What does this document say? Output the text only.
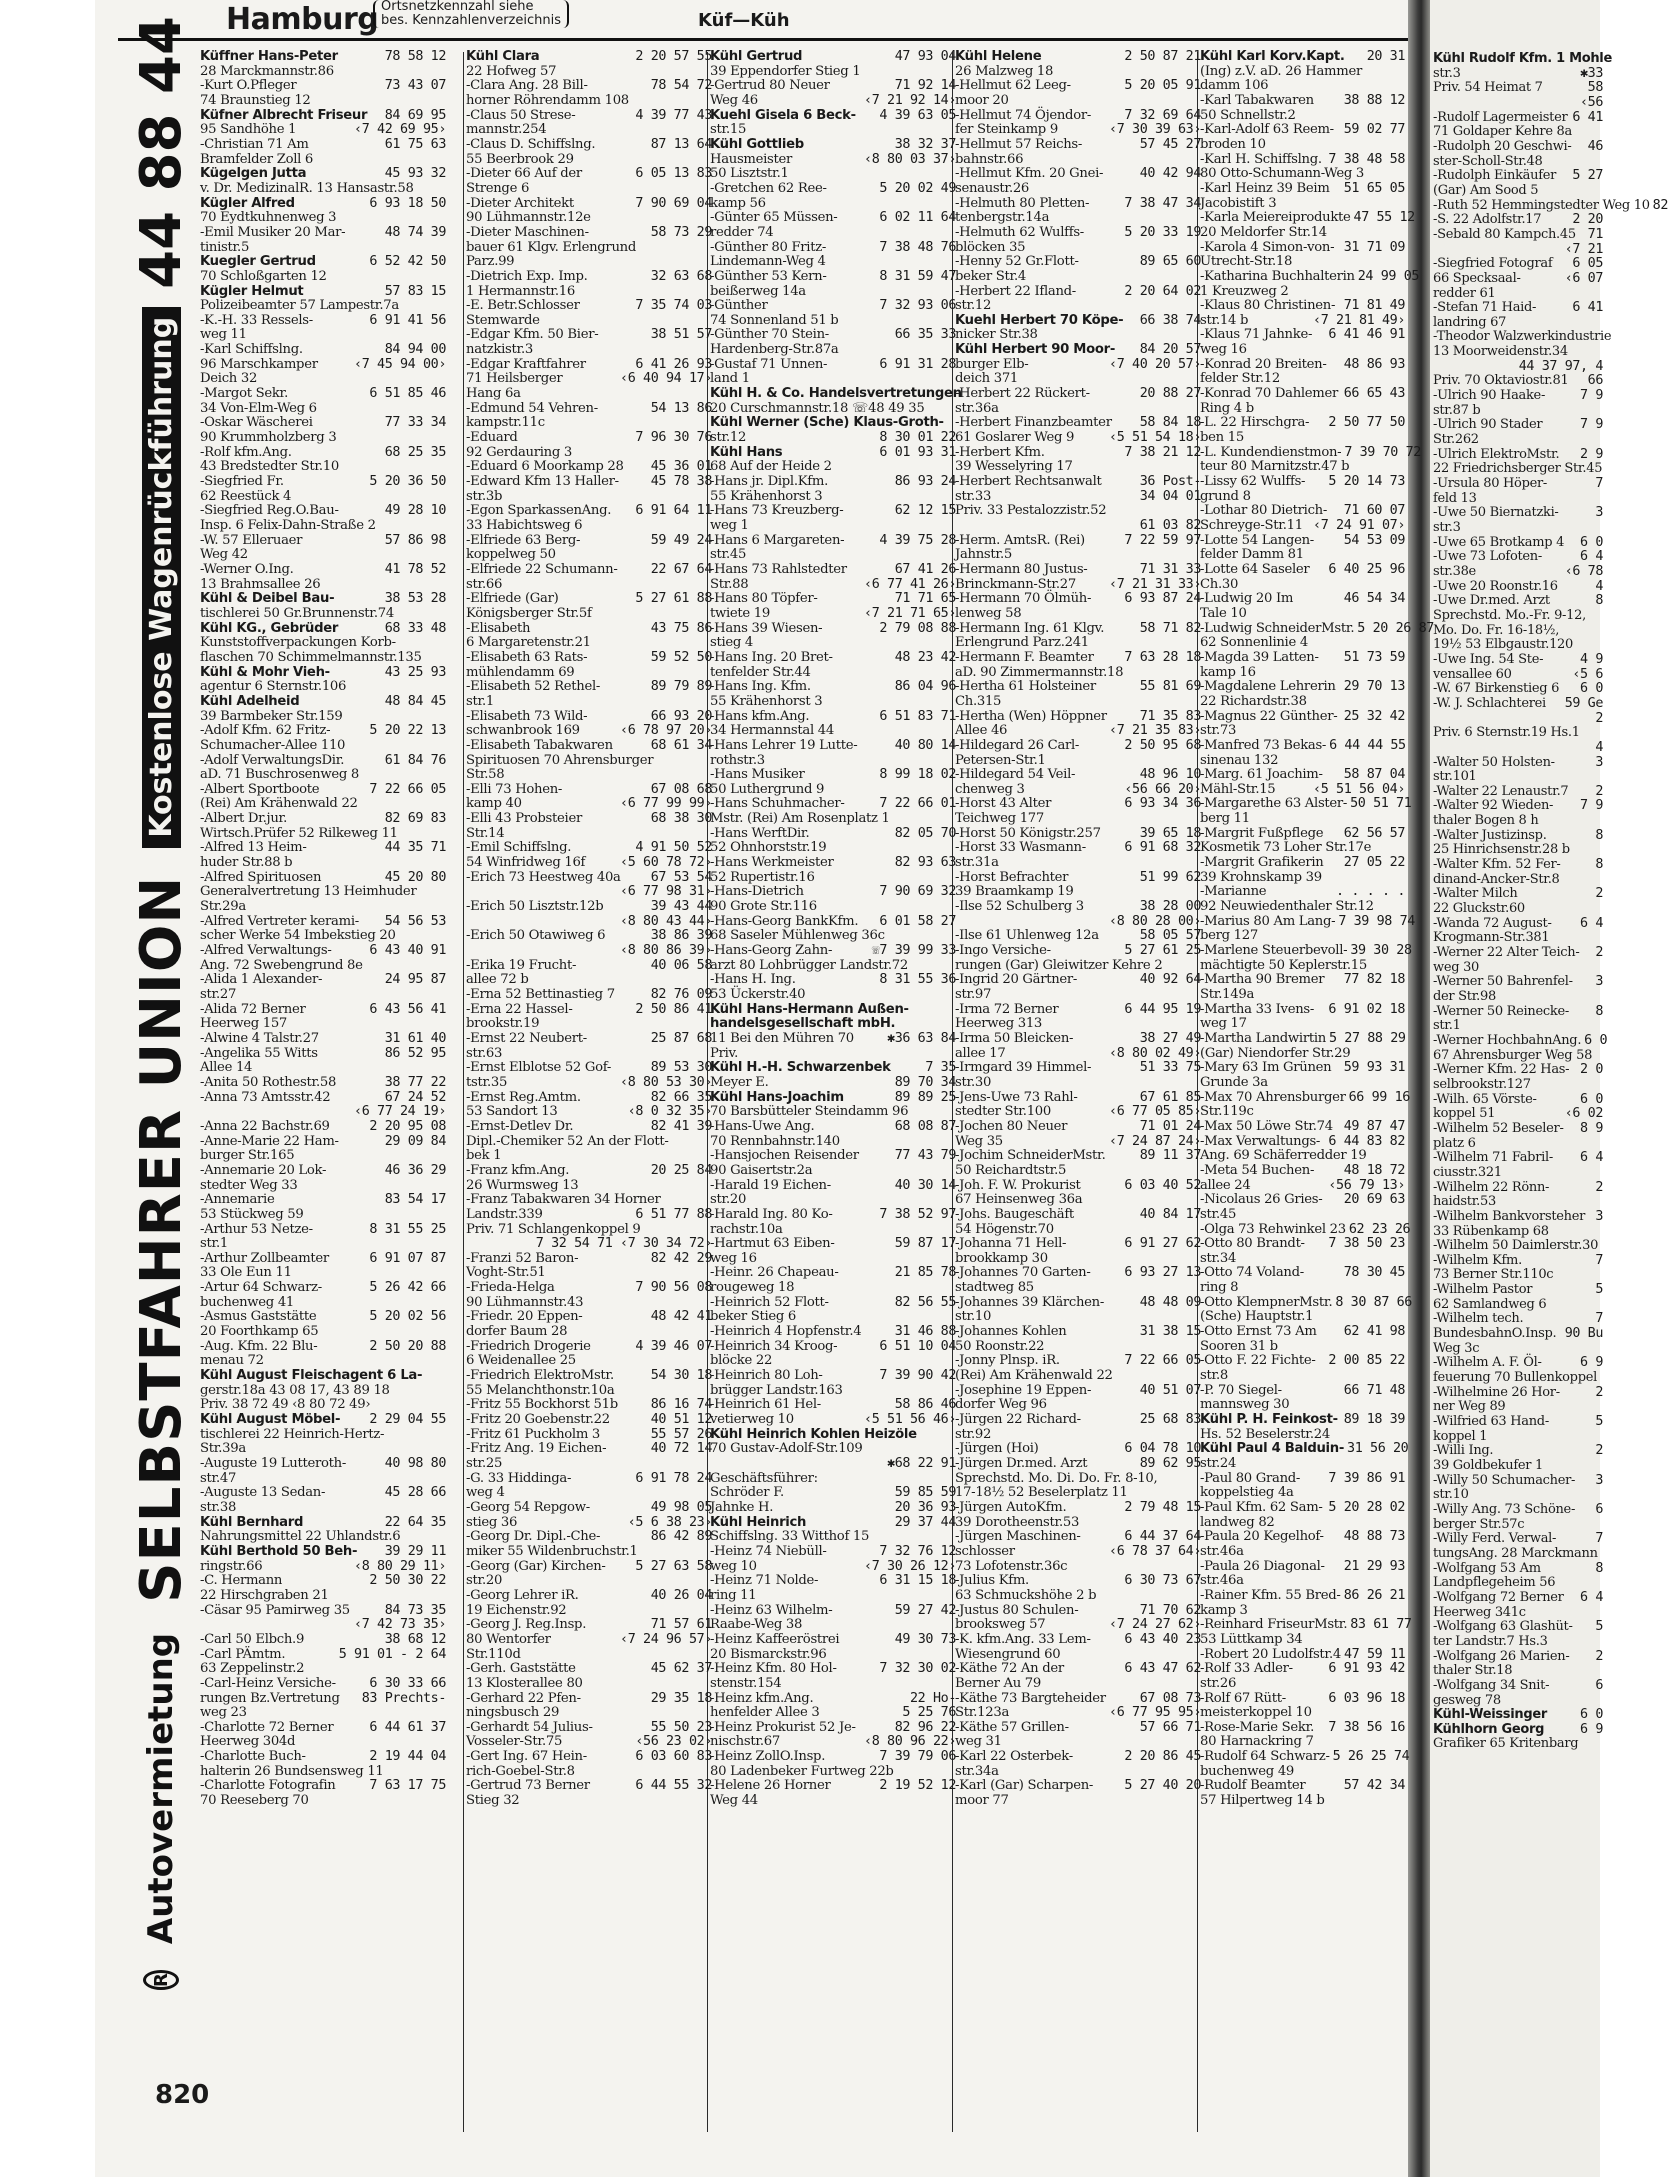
Hamburg Ortsnetzkennzahl siehe
bes. Kennzahlenverzeichnis	Küf—Küh
R
Autovermietung
SELBSTFAHRER UNION
Kostenlose Wagenrückführung
44 88 44 Küffner Hans-Peter	78 58 12
28 Marckmannstr.86
-Kurt O.Pfleger	73 43 07
74 Braunstieg 12
Küfner Albrecht Friseur	84 69 95
95 Sandhöhe 1	‹7 42 69 95›
-Christian 71 Am	61 75 63
Bramfelder Zoll 6
Kügelgen Jutta	45 93 32
v. Dr. MedizinalR. 13 Hansastr.58
Kügler Alfred	6 93 18 50
70 Eydtkuhnenweg 3
-Emil Musiker 20 Mar-	48 74 39
tinistr.5
Kuegler Gertrud	6 52 42 50
70 Schloßgarten 12
Kügler Helmut	57 83 15
Polizeibeamter 57 Lampestr.7a
-K.-H. 33 Ressels-	6 91 41 56
weg 11
-Karl Schiffslng.	84 94 00
96 Marschkamper	‹7 45 94 00›
Deich 32
-Margot Sekr.	6 51 85 46
34 Von-Elm-Weg 6
-Oskar Wäscherei	77 33 34
90 Krummholzberg 3
-Rolf kfm.Ang.	68 25 35
43 Bredstedter Str.10
-Siegfried Fr.	5 20 36 50
62 Reestück 4
-Siegfried Reg.O.Bau-	49 28 10
Insp. 6 Felix-Dahn-Straße 2
-W. 57 Elleruaer	57 86 98
Weg 42
-Werner O.Ing.	41 78 52
13 Brahmsallee 26
Kühl & Deibel Bau-	38 53 28
tischlerei 50 Gr.Brunnenstr.74
Kühl KG., Gebrüder	68 33 48
Kunststoffverpackungen Korb-
flaschen 70 Schimmelmannstr.135
Kühl & Mohr Vieh-	43 25 93
agentur 6 Sternstr.106
Kühl Adelheid	48 84 45
39 Barmbeker Str.159
-Adolf Kfm. 62 Fritz-	5 20 22 13
Schumacher-Allee 110
-Adolf VerwaltungsDir.	61 84 76
aD. 71 Buschrosenweg 8
-Albert Sportboote	7 22 66 05
(Rei) Am Krähenwald 22
-Albert Dr.jur.	82 69 83
Wirtsch.Prüfer 52 Rilkeweg 11
-Alfred 13 Heim-	44 35 71
huder Str.88 b
-Alfred Spirituosen	45 20 80
Generalvertretung 13 Heimhuder
Str.29a
-Alfred Vertreter kerami-	54 56 53
scher Werke 54 Imbekstieg 20
-Alfred Verwaltungs-	6 43 40 91
Ang. 72 Swebengrund 8e
-Alida 1 Alexander-	24 95 87
str.27
-Alida 72 Berner	6 43 56 41
Heerweg 157
-Alwine 4 Talstr.27	31 61 40
-Angelika 55 Witts	86 52 95
Allee 14
-Anita 50 Rothestr.58	38 77 22
-Anna 73 Amtsstr.42	67 24 52
‹6 77 24 19›
-Anna 22 Bachstr.69	2 20 95 08
-Anne-Marie 22 Ham-	29 09 84
burger Str.165
-Annemarie 20 Lok-	46 36 29
stedter Weg 33
-Annemarie	83 54 17
53 Stückweg 59
-Arthur 53 Netze-	8 31 55 25
str.1
-Arthur Zollbeamter	6 91 07 87
33 Ole Eun 11
-Artur 64 Schwarz-	5 26 42 66
buchenweg 41
-Asmus Gaststätte	5 20 02 56
20 Foorthkamp 65
-Aug. Kfm. 22 Blu-	2 50 20 88
menau 72
Kühl August Fleischagent 6 La-
gerstr.18a 43 08 17, 43 89 18
Priv. 38 72 49 ‹8 80 72 49›
Kühl August Möbel-	2 29 04 55
tischlerei 22 Heinrich-Hertz-
Str.39a
-Auguste 19 Lutteroth-	40 98 80
str.47
-Auguste 13 Sedan-	45 28 66
str.38
Kühl Bernhard	22 64 35
Nahrungsmittel 22 Uhlandstr.6
Kühl Berthold 50 Beh-	39 29 11
ringstr.66	‹8 80 29 11›
-C. Hermann	2 50 30 22
22 Hirschgraben 21
-Cäsar 95 Pamirweg 35	84 73 35
‹7 42 73 35›
-Carl 50 Elbch.9	38 68 12
-Carl PÄmtm.	5 91 01 - 2 64
63 Zeppelinstr.2
-Carl-Heinz Versiche-	6 30 33 66
rungen Bz.Vertretung	83 Prechts-
weg 23
-Charlotte 72 Berner	6 44 61 37
Heerweg 304d
-Charlotte Buch-	2 19 44 04
halterin 26 Bundsensweg 11
-Charlotte Fotografin	7 63 17 75
70 Reeseberg 70
Kühl Clara	2 20 57 55
22 Hofweg 57
-Clara Ang. 28 Bill-	78 54 72
horner Röhrendamm 108
-Claus 50 Strese-	4 39 77 43
mannstr.254
-Claus D. Schiffslng.	87 13 64
55 Beerbrook 29
-Dieter 66 Auf der	6 05 13 83
Strenge 6
-Dieter Architekt	7 90 69 04
90 Lühmannstr.12e
-Dieter Maschinen-	58 73 29
bauer 61 Klgv. Erlengrund
Parz.99
-Dietrich Exp. Imp.	32 63 68
1 Hermannstr.16
-E. Betr.Schlosser	7 35 74 03
Stemwarde
-Edgar Kfm. 50 Bier-	38 51 57
natzkistr.3
-Edgar Kraftfahrer	6 41 26 93
71 Heilsberger	‹6 40 94 17›
Hang 6a
-Edmund 54 Vehren-	54 13 86
kampstr.11c
-Eduard	7 96 30 76
92 Gerdauring 3
-Eduard 6 Moorkamp 28	45 36 01
-Edward Kfm 13 Haller-	45 78 38
str.3b
-Egon SparkassenAng.	6 91 64 11
33 Habichtsweg 6
-Elfriede 63 Berg-	59 49 24
koppelweg 50
-Elfriede 22 Schumann-	22 67 64
str.66
-Elfriede (Gar)	5 27 61 88
Königsberger Str.5f
-Elisabeth	43 75 86
6 Margaretenstr.21
-Elisabeth 63 Rats-	59 52 50
mühlendamm 69
-Elisabeth 52 Rethel-	89 79 89
str.1
-Elisabeth 73 Wild-	66 93 20
schwanbrook 169	‹6 78 97 20›
-Elisabeth Tabakwaren	68 61 34
Spirituosen 70 Ahrensburger
Str.58
-Elli 73 Hohen-	67 08 68
kamp 40	‹6 77 99 99›
-Elli 43 Probsteier	68 38 30
Str.14
-Emil Schiffslng.	4 91 50 52
54 Winfridweg 16f	‹5 60 78 72›
-Erich 73 Heestweg 40a	67 53 54
‹6 77 98 31›
-Erich 50 Lisztstr.12b	39 43 44
‹8 80 43 44›
-Erich 50 Otawiweg 6	38 86 39
‹8 80 86 39›
-Erika 19 Frucht-	40 06 58
allee 72 b
-Erna 52 Bettinastieg 7	82 76 09
-Erna 22 Hassel-	2 50 86 41
brookstr.19
-Ernst 22 Neubert-	25 87 68
str.63
-Ernst Elblotse 52 Gof-	89 53 30
tstr.35	‹8 80 53 30›
-Ernst Reg.Amtm.	82 66 35
53 Sandort 13	‹8 0 32 35›
-Ernst-Detlev Dr.	82 41 39
Dipl.-Chemiker 52 An der Flott-
bek 1
-Franz kfm.Ang.	20 25 84
26 Wurmsweg 13
-Franz Tabakwaren 34 Horner
Landstr.339	6 51 77 88
Priv. 71 Schlangenkoppel 9
7 32 54 71 ‹7 30 34 72›
-Franzi 52 Baron-	82 42 29
Voght-Str.51
-Frieda-Helga	7 90 56 08
90 Lühmannstr.43
-Friedr. 20 Eppen-	48 42 41
dorfer Baum 28
-Friedrich Drogerie	4 39 46 07
6 Weidenallee 25
-Friedrich ElektroMstr.	54 30 18
55 Melanchthonstr.10a
-Fritz 55 Bockhorst 51b	86 16 74
-Fritz 20 Goebenstr.22	40 51 12
-Fritz 61 Puckholm 3	55 57 26
-Fritz Ang. 19 Eichen-	40 72 14
str.25
-G. 33 Hiddinga-	6 91 78 24
weg 4
-Georg 54 Repgow-	49 98 05
stieg 36	‹5 6 38 23›
-Georg Dr. Dipl.-Che-	86 42 89
miker 55 Wildenbruchstr.1
-Georg (Gar) Kirchen-	5 27 63 58
str.20
-Georg Lehrer iR.	40 26 04
19 Eichenstr.92
-Georg J. Reg.Insp.	71 57 61
80 Wentorfer	‹7 24 96 57›
Str.110d
-Gerh. Gaststätte	45 62 37
13 Klosterallee 80
-Gerhard 22 Pfen-	29 35 18
ningsbusch 29
-Gerhardt 54 Julius-	55 50 23
Vosseler-Str.75	‹56 23 02›
-Gert Ing. 67 Hein-	6 03 60 83
rich-Goebel-Str.8
-Gertrud 73 Berner	6 44 55 32
Stieg 32
Kühl Gertrud	47 93 04
39 Eppendorfer Stieg 1
-Gertrud 80 Neuer	71 92 14
Weg 46	‹7 21 92 14›
Kuehl Gisela 6 Beck-	4 39 63 05
str.15
Kühl Gottlieb	38 32 37
Hausmeister	‹8 80 03 37›
50 Lisztstr.1
-Gretchen 62 Ree-	5 20 02 49
kamp 56
-Günter 65 Müssen-	6 02 11 64
redder 74
-Günther 80 Fritz-	7 38 48 76
Lindemann-Weg 4
-Günther 53 Kern-	8 31 59 47
beißerweg 14a
-Günther	7 32 93 06
74 Sonnenland 51 b
-Günther 70 Stein-	66 35 33
Hardenberg-Str.87a
-Gustaf 71 Unnen-	6 91 31 28
land 1
Kühl H. & Co. Handelsvertretungen
20 Curschmannstr.18 ☏48 49 35
Kühl Werner (Sche) Klaus-Groth-
str.12	8 30 01 22
Kühl Hans	6 01 93 31
68 Auf der Heide 2
-Hans jr. Dipl.Kfm.	86 93 24
55 Krähenhorst 3
-Hans 73 Kreuzberg-	62 12 15
weg 1
-Hans 6 Margareten-	4 39 75 28
str.45
-Hans 73 Rahlstedter	67 41 26
Str.88	‹6 77 41 26›
-Hans 80 Töpfer-	71 71 65
twiete 19	‹7 21 71 65›
-Hans 39 Wiesen-	2 79 08 88
stieg 4
-Hans Ing. 20 Bret-	48 23 42
tenfelder Str.44
-Hans Ing. Kfm.	86 04 96
55 Krähenhorst 3
-Hans kfm.Ang.	6 51 83 71
34 Hermannstal 44
-Hans Lehrer 19 Lutte-	40 80 14
rothstr.3
-Hans Musiker	8 99 18 02
50 Luthergrund 9
-Hans Schuhmacher-	7 22 66 01
Mstr. (Rei) Am Rosenplatz 1
-Hans WerftDir.	82 05 70
52 Ohnhorststr.19
-Hans Werkmeister	82 93 63
52 Rupertistr.16
-Hans-Dietrich	7 90 69 32
90 Grote Str.116
-Hans-Georg BankKfm.	6 01 58 27
68 Saseler Mühlenweg 36c
-Hans-Georg Zahn-	☏7 39 99 33
arzt 80 Lohbrügger Landstr.72
-Hans H. Ing.	8 31 55 36
53 Ückerstr.40
Kühl Hans-Hermann Außen-
handelsgesellschaft mbH.
11 Bei den Mühren 70	✱36 63 84
Priv.
Kühl H.-H. Schwarzenbek	7 35
Meyer E.	89 70 34
Kühl Hans-Joachim	89 89 25
70 Barsbütteler Steindamm 96
-Hans-Uwe Ang.	68 08 87
70 Rennbahnstr.140
-Hansjochen Reisender	77 43 79
90 Gaisertstr.2a
-Harald 19 Eichen-	40 30 14
str.20
-Harald Ing. 80 Ko-	7 38 52 97
rachstr.10a
-Hartmut 63 Eiben-	59 87 17
weg 16
-Heinr. 26 Chapeau-	21 85 78
rougeweg 18
-Heinrich 52 Flott-	82 56 55
beker Stieg 6
-Heinrich 4 Hopfenstr.4	31 46 88
-Heinrich 34 Kroog-	6 51 10 04
blöcke 22
-Heinrich 80 Loh-	7 39 90 42
brügger Landstr.163
-Heinrich 61 Hel-	58 86 46
vetierweg 10	‹5 51 56 46›
Kühl Heinrich Kohlen Heizöle
70 Gustav-Adolf-Str.109
✱68 22 91
Geschäftsführer:
Schröder F.	59 85 59
Jahnke H.	20 36 93
Kühl Heinrich	29 37 44
Schiffslng. 33 Witthof 15
-Heinz 74 Niebüll-	7 32 76 12
weg 10	‹7 30 26 12›
-Heinz 71 Nolde-	6 31 15 18
ring 11
-Heinz 63 Wilhelm-	59 27 42
Raabe-Weg 38
-Heinz Kaffeeröstrei	49 30 73
20 Bismarckstr.96
-Heinz Kfm. 80 Hol-	7 32 30 02
stenstr.154
-Heinz kfm.Ang.	22 Ho-
henfelder Allee 3	5 25 76
-Heinz Prokurist 52 Je-	82 96 22
nischstr.67	‹8 80 96 22›
-Heinz ZollO.Insp.	7 39 79 06
80 Ladenbeker Furtweg 22b
-Helene 26 Horner	2 19 52 12
Weg 44
Kühl Helene	2 50 87 21
26 Malzweg 18
-Hellmut 62 Leeg-	5 20 05 91
moor 20
-Hellmut 74 Öjendor-	7 32 69 64
fer Steinkamp 9	‹7 30 39 63›
-Hellmut 57 Reichs-	57 45 27
bahnstr.66
-Hellmut Kfm. 20 Gnei-	40 42 94
senaustr.26
-Helmuth 80 Pletten-	7 38 47 34
tenbergstr.14a
-Helmuth 62 Wulffs-	5 20 33 19
blöcken 35
-Henny 52 Gr.Flott-	89 65 60
beker Str.4
-Herbert 22 Ifland-	2 20 64 02
str.12
Kuehl Herbert 70 Köpe-	66 38 74
nicker Str.38
Kühl Herbert 90 Moor-	84 20 57
burger Elb-	‹7 40 20 57›
deich 371
-Herbert 22 Rückert-	20 88 27
str.36a
-Herbert Finanzbeamter	58 84 18
61 Goslarer Weg 9	‹5 51 54 18›
-Herbert Kfm.	7 38 21 12
39 Wesselyring 17
-Herbert Rechtsanwalt	36 Post-
str.33	34 04 01
Priv. 33 Pestalozzistr.52
61 03 82
-Herm. AmtsR. (Rei)	7 22 59 97
Jahnstr.5
-Hermann 80 Justus-	71 31 33
Brinckmann-Str.27	‹7 21 31 33›
-Hermann 70 Ölmüh-	6 93 87 24
lenweg 58
-Hermann Ing. 61 Klgv.	58 71 82
Erlengrund Parz.241
-Hermann F. Beamter	7 63 28 18
aD. 90 Zimmermannstr.18
-Hertha 61 Holsteiner	55 81 69
Ch.315
-Hertha (Wen) Höppner	71 35 83
Allee 46	‹7 21 35 83›
-Hildegard 26 Carl-	2 50 95 68
Petersen-Str.1
-Hildegard 54 Veil-	48 96 10
chenweg 3	‹56 66 20›
-Horst 43 Alter	6 93 34 36
Teichweg 177
-Horst 50 Königstr.257	39 65 18
-Horst 33 Wasmann-	6 91 68 32
str.31a
-Horst Befrachter	51 99 62
39 Braamkamp 19
-Ilse 52 Schulberg 3	38 28 00
‹8 80 28 00›
-Ilse 61 Uhlenweg 12a	58 05 57
-Ingo Versiche-	5 27 61 25
rungen (Gar) Gleiwitzer Kehre 2
-Ingrid 20 Gärtner-	40 92 64
str.97
-Irma 72 Berner	6 44 95 19
Heerweg 313
-Irma 50 Bleicken-	38 27 49
allee 17	‹8 80 02 49›
-Irmgard 39 Himmel-	51 33 75
str.30
-Jens-Uwe 73 Rahl-	67 61 85
stedter Str.100	‹6 77 05 85›
-Jochen 80 Neuer	71 01 24
Weg 35	‹7 24 87 24›
-Jochim SchneiderMstr.	89 11 37
50 Reichardtstr.5
-Joh. F. W. Prokurist	6 03 40 52
67 Heinsenweg 36a
-Johs. Baugeschäft	40 84 17
54 Högenstr.70
-Johanna 71 Hell-	6 91 27 62
brookkamp 30
-Johannes 70 Garten-	6 93 27 13
stadtweg 85
-Johannes 39 Klärchen-	48 48 09
str.10
-Johannes Kohlen	31 38 15
50 Roonstr.22
-Jonny Plnsp. iR.	7 22 66 05
(Rei) Am Krähenwald 22
-Josephine 19 Eppen-	40 51 07
dorfer Weg 96
-Jürgen 22 Richard-	25 68 83
str.92
-Jürgen (Hoi)	6 04 78 10
-Jürgen Dr.med. Arzt	89 62 95
Sprechstd. Mo. Di. Do. Fr. 8-10,
17-18½ 52 Beselerplatz 11
-Jürgen AutoKfm.	2 79 48 15
39 Dorotheenstr.53
-Jürgen Maschinen-	6 44 37 64
schlosser	‹6 78 37 64›
73 Lofotenstr.36c
-Julius Kfm.	6 30 73 67
63 Schmuckshöhe 2 b
-Justus 80 Schulen-	71 70 62
brooksweg 57	‹7 24 27 62›
-K. kfm.Ang. 33 Lem-	6 43 40 23
Wiesengrund 60
-Käthe 72 An der	6 43 47 62
Berner Au 79
-Käthe 73 Bargteheider	67 08 73
Str.123a	‹6 77 95 95›
-Käthe 57 Grillen-	57 66 71
weg 31
-Karl 22 Osterbek-	2 20 86 45
str.34a
-Karl (Gar) Scharpen-	5 27 40 20
moor 77
Kühl Karl Korv.Kapt.	20 31
(Ing) z.V. aD. 26 Hammer
damm 106
-Karl Tabakwaren	38 88 12
50 Schnellstr.2
-Karl-Adolf 63 Reem- 59 02 77
broden 10
-Karl H. Schiffslng. 7 38 48 58
80 Otto-Schumann-Weg 3
-Karl Heinz 39 Beim	51 65 05
Jacobistift 3
-Karla Meiereiprodukte 47 55 12
20 Meldorfer Str.14
-Karola 4 Simon-von- 31 71 09
Utrecht-Str.18
-Katharina Buchhalterin 24 99 05
1 Kreuzweg 2
-Klaus 80 Christinen- 71 81 49
str.14 b	‹7 21 81 49›
-Klaus 71 Jahnke-	6 41 46 91
weg 16
-Konrad 20 Breiten-	48 86 93
felder Str.12
-Konrad 70 Dahlemer 66 65 43
Ring 4 b
-L. 22 Hirschgra-	2 50 77 50
ben 15
-L. Kundendienstmon- 7 39 70 72
teur 80 Marnitzstr.47 b
-Lissy 62 Wulffs-	5 20 14 73
grund 8
-Lothar 80 Dietrich-	71 60 07
Schreyge-Str.11 ‹7 24 91 07›
-Lotte 54 Langen-	54 53 09
felder Damm 81
-Lotte 64 Saseler	6 40 25 96
Ch.30
-Ludwig 20 Im	46 54 34
Tale 10
-Ludwig SchneiderMstr. 5 20 26 87
62 Sonnenlinie 4
-Magda 39 Latten-	51 73 59
kamp 16
-Magdalene Lehrerin 29 70 13
22 Richardstr.38
-Magnus 22 Günther- 25 32 42
str.73
-Manfred 73 Bekas- 6 44 44 55
sinenau 132
-Marg. 61 Joachim-	58 87 04
Mähl-Str.15	‹5 51 56 04›
-Margarethe 63 Alster- 50 51 71
berg 11
-Margrit Fußpflege	62 56 57
Kosmetik 73 Loher Str.17e
-Margrit Grafikerin	27 05 22
39 Krohnskamp 39
-Marianne	. . . . .
92 Neuwiedenthaler Str.12
-Marius 80 Am Lang- 7 39 98 74
berg 127
-Marlene Steuerbevoll- 39 30 28
mächtigte 50 Keplerstr.15
-Martha 90 Bremer	77 82 18
Str.149a
-Martha 33 Ivens-	6 91 02 18
weg 17
-Martha Landwirtin 5 27 88 29
(Gar) Niendorfer Str.29
-Mary 63 Im Grünen 59 93 31
Grunde 3a
-Max 70 Ahrensburger 66 99 16
Str.119c
-Max 50 Löwe Str.74 49 87 47
-Max Verwaltungs- 6 44 83 82
Ang. 69 Schäferredder 19
-Meta 54 Buchen-	48 18 72
allee 24	‹56 79 13›
-Nicolaus 26 Gries-	20 69 63
str.45
-Olga 73 Rehwinkel 23 62 23 26
-Otto 80 Brandt-	7 38 50 23
str.34
-Otto 74 Voland-	78 30 45
ring 8
-Otto KlempnerMstr. 8 30 87 66
(Sche) Hauptstr.1
-Otto Ernst 73 Am	62 41 98
Sooren 31 b
-Otto F. 22 Fichte- 2 00 85 22
str.8
-P. 70 Siegel-	66 71 48
mannsweg 30
Kühl P. H. Feinkost- 89 18 39
Hs. 52 Beselerstr.24
Kühl Paul 4 Balduin- 31 56 20
str.24
-Paul 80 Grand-	7 39 86 91
koppelstieg 4a
-Paul Kfm. 62 Sam- 5 20 28 02
landweg 82
-Paula 20 Kegelhof-	48 88 73
str.46a
-Paula 26 Diagonal-	21 29 93
str.46a
-Rainer Kfm. 55 Bred- 86 26 21
kamp 3
-Reinhard FriseurMstr. 83 61 77
53 Lüttkamp 34
-Robert 20 Ludolfstr.4 47 59 11
-Rolf 33 Adler-	6 91 93 42
str.26
-Rolf 67 Rütt-	6 03 96 18
meisterkoppel 10
-Rose-Marie Sekr.	7 38 56 16
80 Harnackring 7
-Rudolf 64 Schwarz- 5 26 25 74
buchenweg 49
-Rudolf Beamter	57 42 34
57 Hilpertweg 14 b
Kühl Rudolf Kfm. 1 Mohle
str.3	✱33
Priv. 54 Heimat 7	58
‹56
-Rudolf Lagermeister 6 41
71 Goldaper Kehre 8a
-Rudolph 20 Geschwi-	46
ster-Scholl-Str.48
-Rudolph Einkäufer	5 27
(Gar) Am Sood 5
-Ruth 52 Hemmingstedter Weg 10 82
-S. 22 Adolfstr.17	2 20
-Sebald 80 Kampch.45 71
‹7 21
-Siegfried Fotograf	6 05
66 Specksaal-	‹6 07
redder 61
-Stefan 71 Haid-	6 41
landring 67
-Theodor Walzwerkindustrie
13 Moorweidenstr.34
44 37 97, 4
Priv. 70 Oktaviostr.81	66
-Ulrich 90 Haake-	7 9
str.87 b
-Ulrich 90 Stader	7 9
Str.262
-Ulrich ElektroMstr.	2 9
22 Friedrichsberger Str.45
-Ursula 80 Höper-	7
feld 13
-Uwe 50 Biernatzki-	3
str.3
-Uwe 65 Brotkamp 4	6 0
-Uwe 73 Lofoten-	6 4
str.38e	‹6 78
-Uwe 20 Roonstr.16	4
-Uwe Dr.med. Arzt	8
Sprechstd. Mo.-Fr. 9-12,
Mo. Do. Fr. 16-18½,
19½ 53 Elbgaustr.120
-Uwe Ing. 54 Ste-	4 9
vensallee 60	‹5 6
-W. 67 Birkenstieg 6	6 0
-W. J. Schlachterei	59 Ge
2
Priv. 6 Sternstr.19 Hs.1
4
-Walter 50 Holsten-	3
str.101
-Walter 22 Lenaustr.7	2
-Walter 92 Wieden-	7 9
thaler Bogen 8 h
-Walter Justizinsp.	8
25 Hinrichsenstr.28 b
-Walter Kfm. 52 Fer-	8
dinand-Ancker-Str.8
-Walter Milch	2
22 Gluckstr.60
-Wanda 72 August-	6 4
Krogmann-Str.381
-Werner 22 Alter Teich-	2
weg 30
-Werner 50 Bahrenfel-	3
der Str.98
-Werner 50 Reinecke-	8
str.1
-Werner HochbahnAng. 6 0
67 Ahrensburger Weg 58
-Werner Kfm. 22 Has- 2 0
selbrookstr.127
-Wilh. 65 Vörste-	6 0
koppel 51	‹6 02
-Wilhelm 52 Beseler-	8 9
platz 6
-Wilhelm 71 Fabril-	6 4
ciusstr.321
-Wilhelm 22 Rönn-	2
haidstr.53
-Wilhelm Bankvorsteher 3
33 Rübenkamp 68
-Wilhelm 50 Daimlerstr.30
-Wilhelm Kfm.	7
73 Berner Str.110c
-Wilhelm Pastor	5
62 Samlandweg 6
-Wilhelm tech.	7
BundesbahnO.Insp. 90 Bu
Weg 3c
-Wilhelm A. F. Öl-	6 9
feuerung 70 Bullenkoppel
-Wilhelmine 26 Hor-	2
ner Weg 89
-Wilfried 63 Hand-	5
koppel 1
-Willi Ing.	2
39 Goldbekufer 1
-Willy 50 Schumacher-	3
str.10
-Willy Ang. 73 Schöne-	6
berger Str.57c
-Willy Ferd. Verwal-	7
tungsAng. 28 Marckmann
-Wolfgang 53 Am	8
Landpflegeheim 56
-Wolfgang 72 Berner	6 4
Heerweg 341c
-Wolfgang 63 Glashüt-	5
ter Landstr.7 Hs.3
-Wolfgang 26 Marien-	2
thaler Str.18
-Wolfgang 34 Snit-	6
gesweg 78
Kühl-Weissinger	6 0
Kühlhorn Georg	6 9
Grafiker 65 Kritenbarg
820
